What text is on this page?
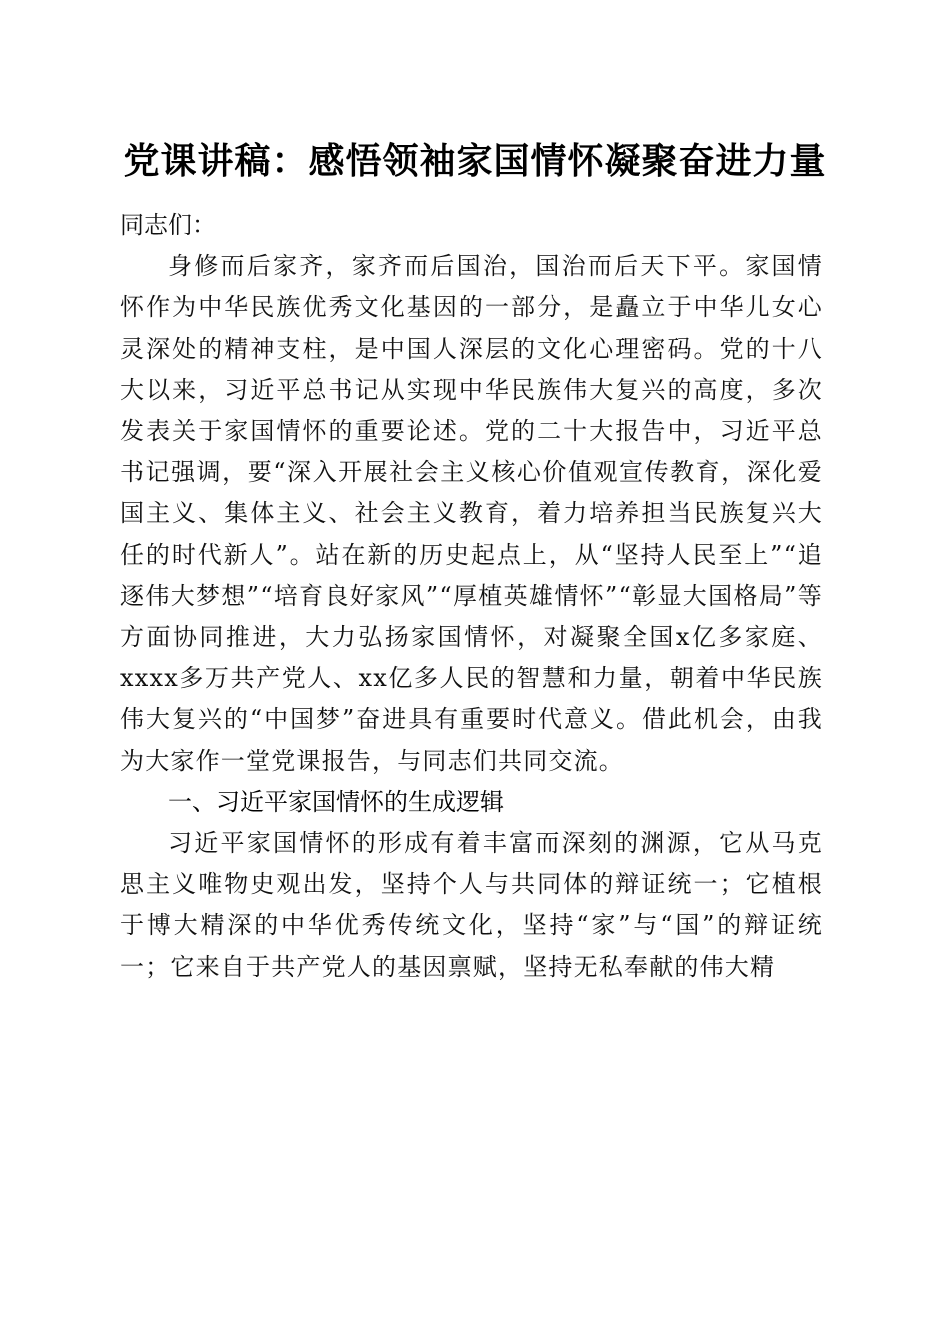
党课讲稿：感悟领袖家国情怀凝聚奋进力量

同志们：

身修而后家齐，家齐而后国治，国治而后天下平。家国情怀作为中华民族优秀文化基因的一部分，是矗立于中华儿女心灵深处的精神支柱，是中国人深层的文化心理密码。党的十八大以来，习近平总书记从实现中华民族伟大复兴的高度，多次发表关于家国情怀的重要论述。党的二十大报告中，习近平总书记强调，要“深入开展社会主义核心价值观宣传教育，深化爱国主义、集体主义、社会主义教育，着力培养担当民族复兴大任的时代新人”。站在新的历史起点上，从“坚持人民至上”“追逐伟大梦想”“培育良好家风”“厚植英雄情怀”“彰显大国格局”等方面协同推进，大力弘扬家国情怀，对凝聚全国x亿多家庭、xxxx多万共产党人、xx亿多人民的智慧和力量，朝着中华民族伟大复兴的“中国梦”奋进具有重要时代意义。借此机会，由我为大家作一堂党课报告，与同志们共同交流。

一、习近平家国情怀的生成逻辑

习近平家国情怀的形成有着丰富而深刻的渊源，它从马克思主义唯物史观出发，坚持个人与共同体的辩证统一；它植根于博大精深的中华优秀传统文化，坚持“家”与“国”的辩证统一；它来自于共产党人的基因禀赋，坚持无私奉献的伟大精
